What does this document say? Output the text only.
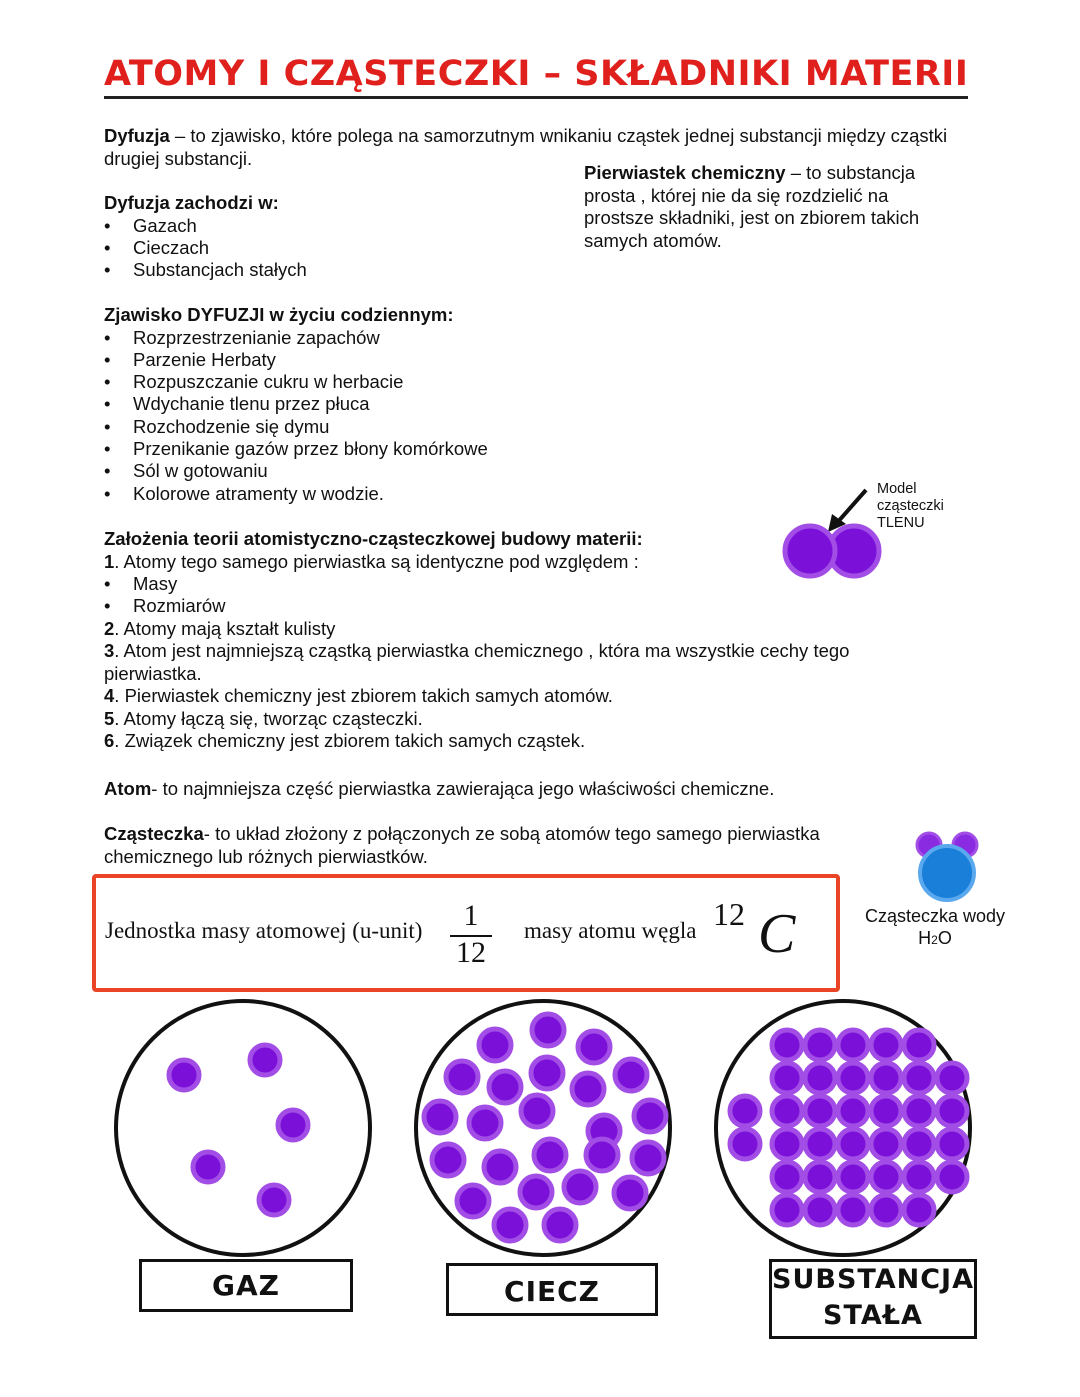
ATOMY I CZĄSTECZKI – SKŁADNIKI MATERII
Dyfuzja – to zjawisko, które polega na samorzutnym wnikaniu cząstek jednej substancji między cząstki drugiej substancji.
Pierwiastek chemiczny – to substancja prosta , której nie da się rozdzielić na prostsze składniki, jest on zbiorem takich samych atomów.
Dyfuzja zachodzi w:
• Gazach
• Cieczach
• Substancjach stałych
Zjawisko DYFUZJI w życiu codziennym:
• Rozprzestrzenianie zapachów
• Parzenie Herbaty
• Rozpuszczanie cukru w herbacie
• Wdychanie tlenu przez płuca
• Rozchodzenie się dymu
• Przenikanie gazów przez błony komórkowe
• Sól w gotowaniu
• Kolorowe atramenty w wodzie.	Model
cząsteczki
TLENU
Założenia teorii atomistyczno-cząsteczkowej budowy materii:
1. Atomy tego samego pierwiastka są identyczne pod względem :
• Masy
• Rozmiarów
2. Atomy mają kształt kulisty
3. Atom jest najmniejszą cząstką pierwiastka chemicznego , która ma wszystkie cechy tego pierwiastka.
4. Pierwiastek chemiczny jest zbiorem takich samych atomów.
5. Atomy łączą się, tworząc cząsteczki.
6. Związek chemiczny jest zbiorem takich samych cząstek.
Atom- to najmniejsza część pierwiastka zawierająca jego właściwości chemiczne.
Cząsteczka- to układ złożony z połączonych ze sobą atomów tego samego pierwiastka chemicznego lub różnych pierwiastków.
Cząsteczka wody
H2O
Jednostka masy atomowej (u-unit)	1
12
masy atomu węgla 12 C
GAZ	CIECZ	SUBSTANCJA
STAŁA
